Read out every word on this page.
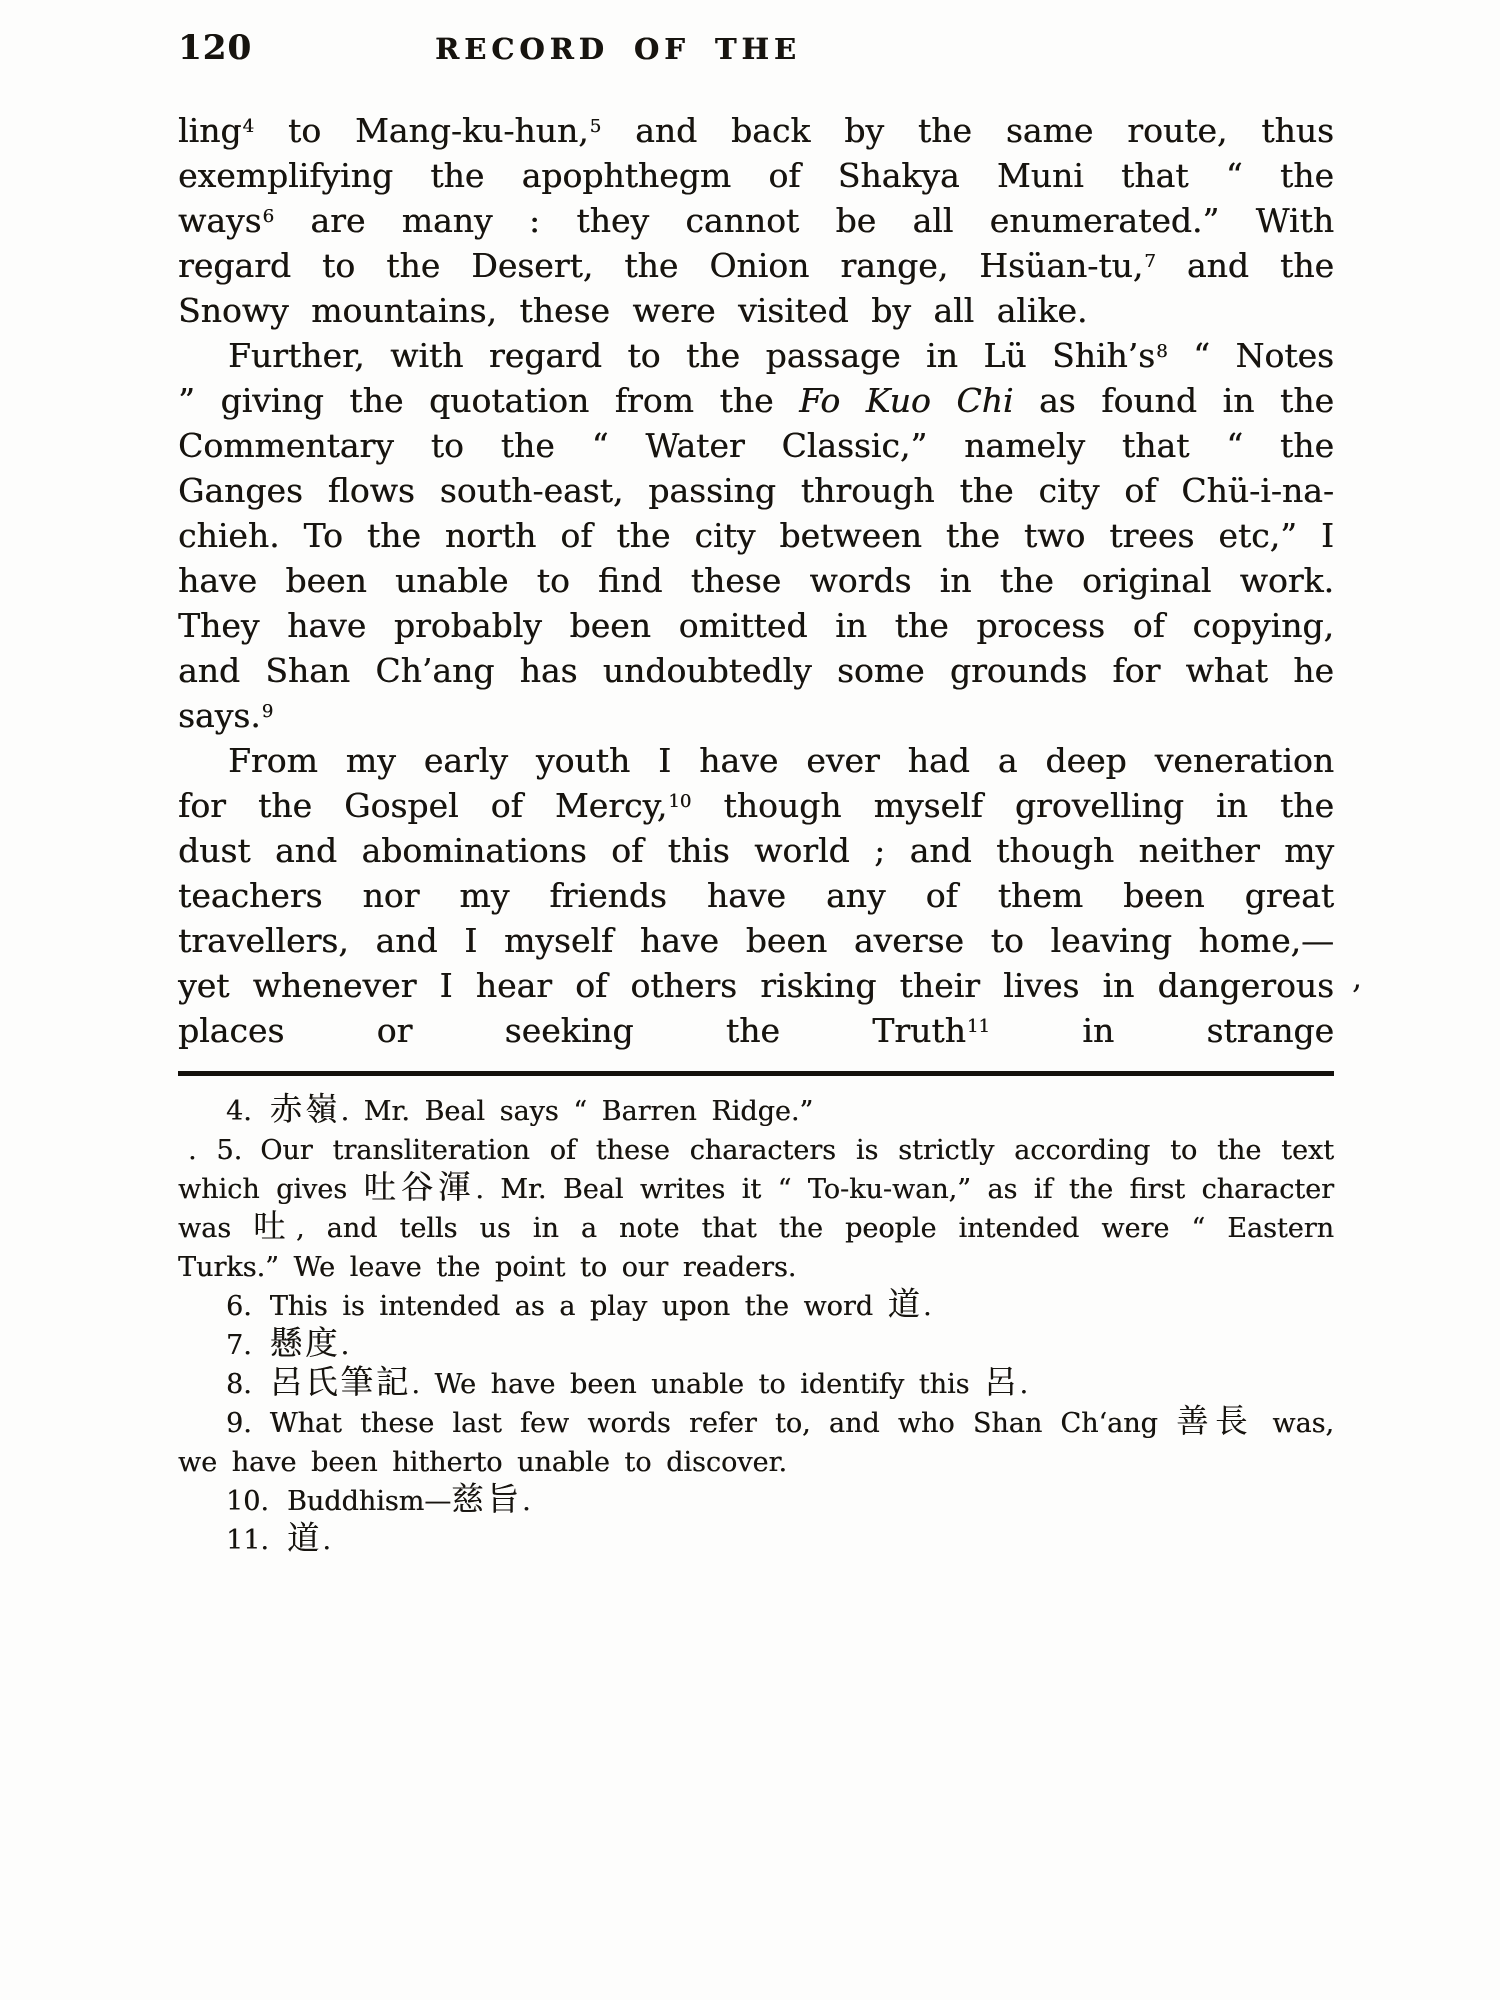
120	RECORD OF THE

ling$^4$ to Mang-ku-hun,$^5$ and back by the same route, thus exemplifying the apophthegm of Shakya Muni that “ the ways$^6$ are many : they cannot be all enumerated.” With regard to the Desert, the Onion range, Hsüan-tu,$^7$ and the Snowy mountains, these were visited by all alike.

Further, with regard to the passage in Lü Shih’s$^8$ “ Notes ” giving the quotation from the Fo Kuo Chi as found in the Commentary to the “ Water Classic,” namely that “ the Ganges flows south-east, passing through the city of Chü-i-na-chieh. To the north of the city between the two trees etc,” I have been unable to find these words in the original work. They have probably been omitted in the process of copying, and Shan Ch’ang has undoubtedly some grounds for what he says.$^9$

From my early youth I have ever had a deep veneration for the Gospel of Mercy,$^{10}$ though myself grovelling in the dust and abominations of this world ; and though neither my teachers nor my friends have any of them been great travellers, and I myself have been averse to leaving home,—yet whenever I hear of others risking their lives in dangerous places or seeking the Truth$^{11}$ in strange

4. 赤嶺. Mr. Beal says “ Barren Ridge.”

. 5. Our transliteration of these characters is strictly according to the text which gives 吐谷渾. Mr. Beal writes it “ To-ku-wan,” as if the first character was 吐, and tells us in a note that the people intended were “ Eastern Turks.” We leave the point to our readers.

6. This is intended as a play upon the word 道.

7. 懸度.

8. 呂氏筆記. We have been unable to identify this 呂.

9. What these last few words refer to, and who Shan Ch‘ang 善長 was, we have been hitherto unable to discover.

10. Buddhism—慈旨.

11. 道.

,
